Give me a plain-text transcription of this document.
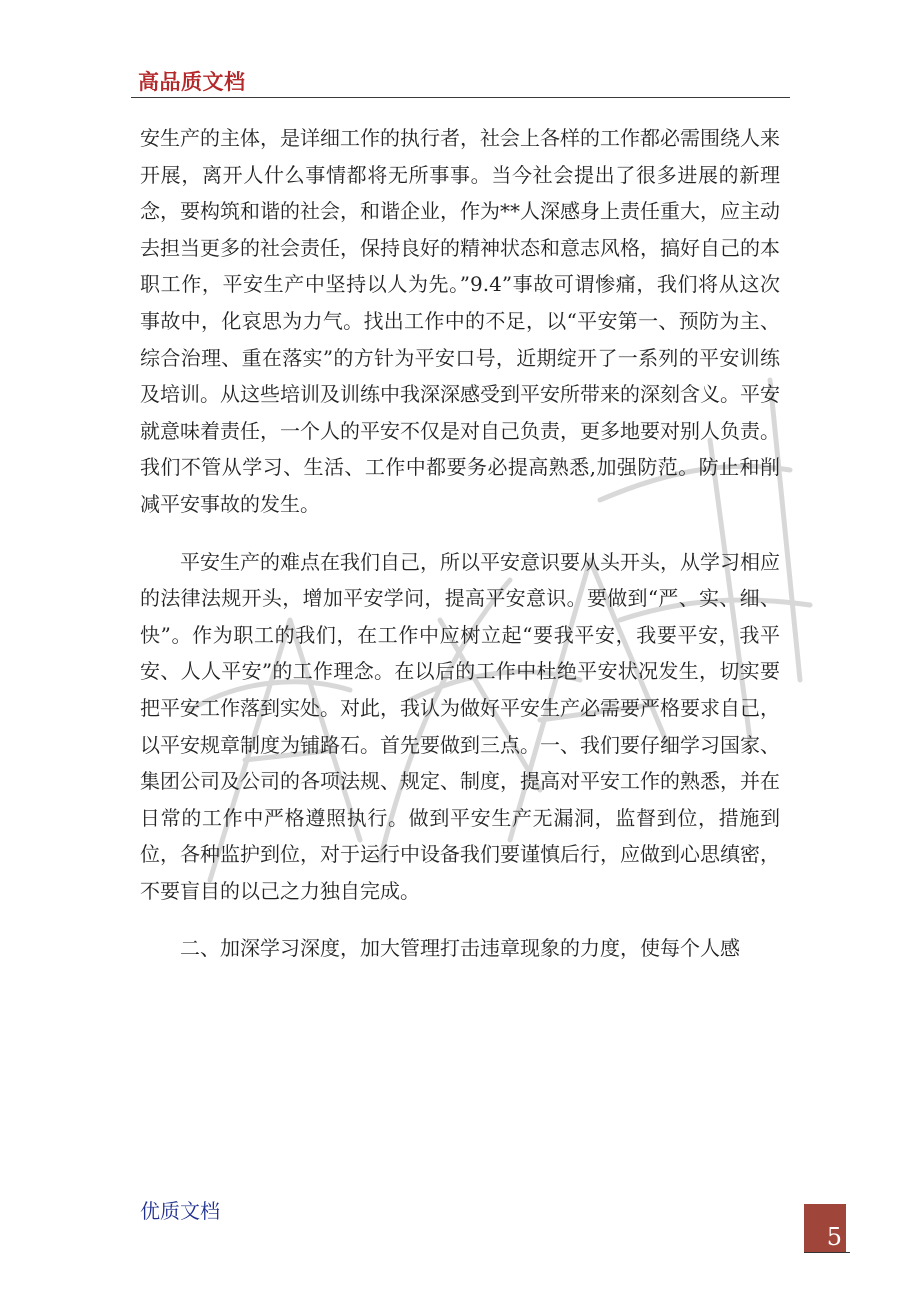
高品质文档

安生产的主体，是详细工作的执行者，社会上各样的工作都必需围绕人来开展，离开人什么事情都将无所事事。当今社会提出了很多进展的新理念，要构筑和谐的社会，和谐企业，作为**人深感身上责任重大，应主动去担当更多的社会责任，保持良好的精神状态和意志风格，搞好自己的本职工作，平安生产中坚持以人为先。”9.4”事故可谓惨痛，我们将从这次事故中，化哀思为力气。找出工作中的不足，以“平安第一、预防为主、综合治理、重在落实”的方针为平安口号，近期绽开了一系列的平安训练及培训。从这些培训及训练中我深深感受到平安所带来的深刻含义。平安就意味着责任，一个人的平安不仅是对自己负责，更多地要对别人负责。我们不管从学习、生活、工作中都要务必提高熟悉,加强防范。防止和削减平安事故的发生。

平安生产的难点在我们自己，所以平安意识要从头开头，从学习相应的法律法规开头，增加平安学问，提高平安意识。要做到“严、实、细、快”。作为职工的我们，在工作中应树立起“要我平安，我要平安，我平安、人人平安”的工作理念。在以后的工作中杜绝平安状况发生，切实要把平安工作落到实处。对此，我认为做好平安生产必需要严格要求自己，以平安规章制度为铺路石。首先要做到三点。一、我们要仔细学习国家、集团公司及公司的各项法规、规定、制度，提高对平安工作的熟悉，并在日常的工作中严格遵照执行。做到平安生产无漏洞，监督到位，措施到位，各种监护到位，对于运行中设备我们要谨慎后行，应做到心思缜密，不要盲目的以己之力独自完成。

二、加深学习深度，加大管理打击违章现象的力度，使每个人感

优质文档
5
